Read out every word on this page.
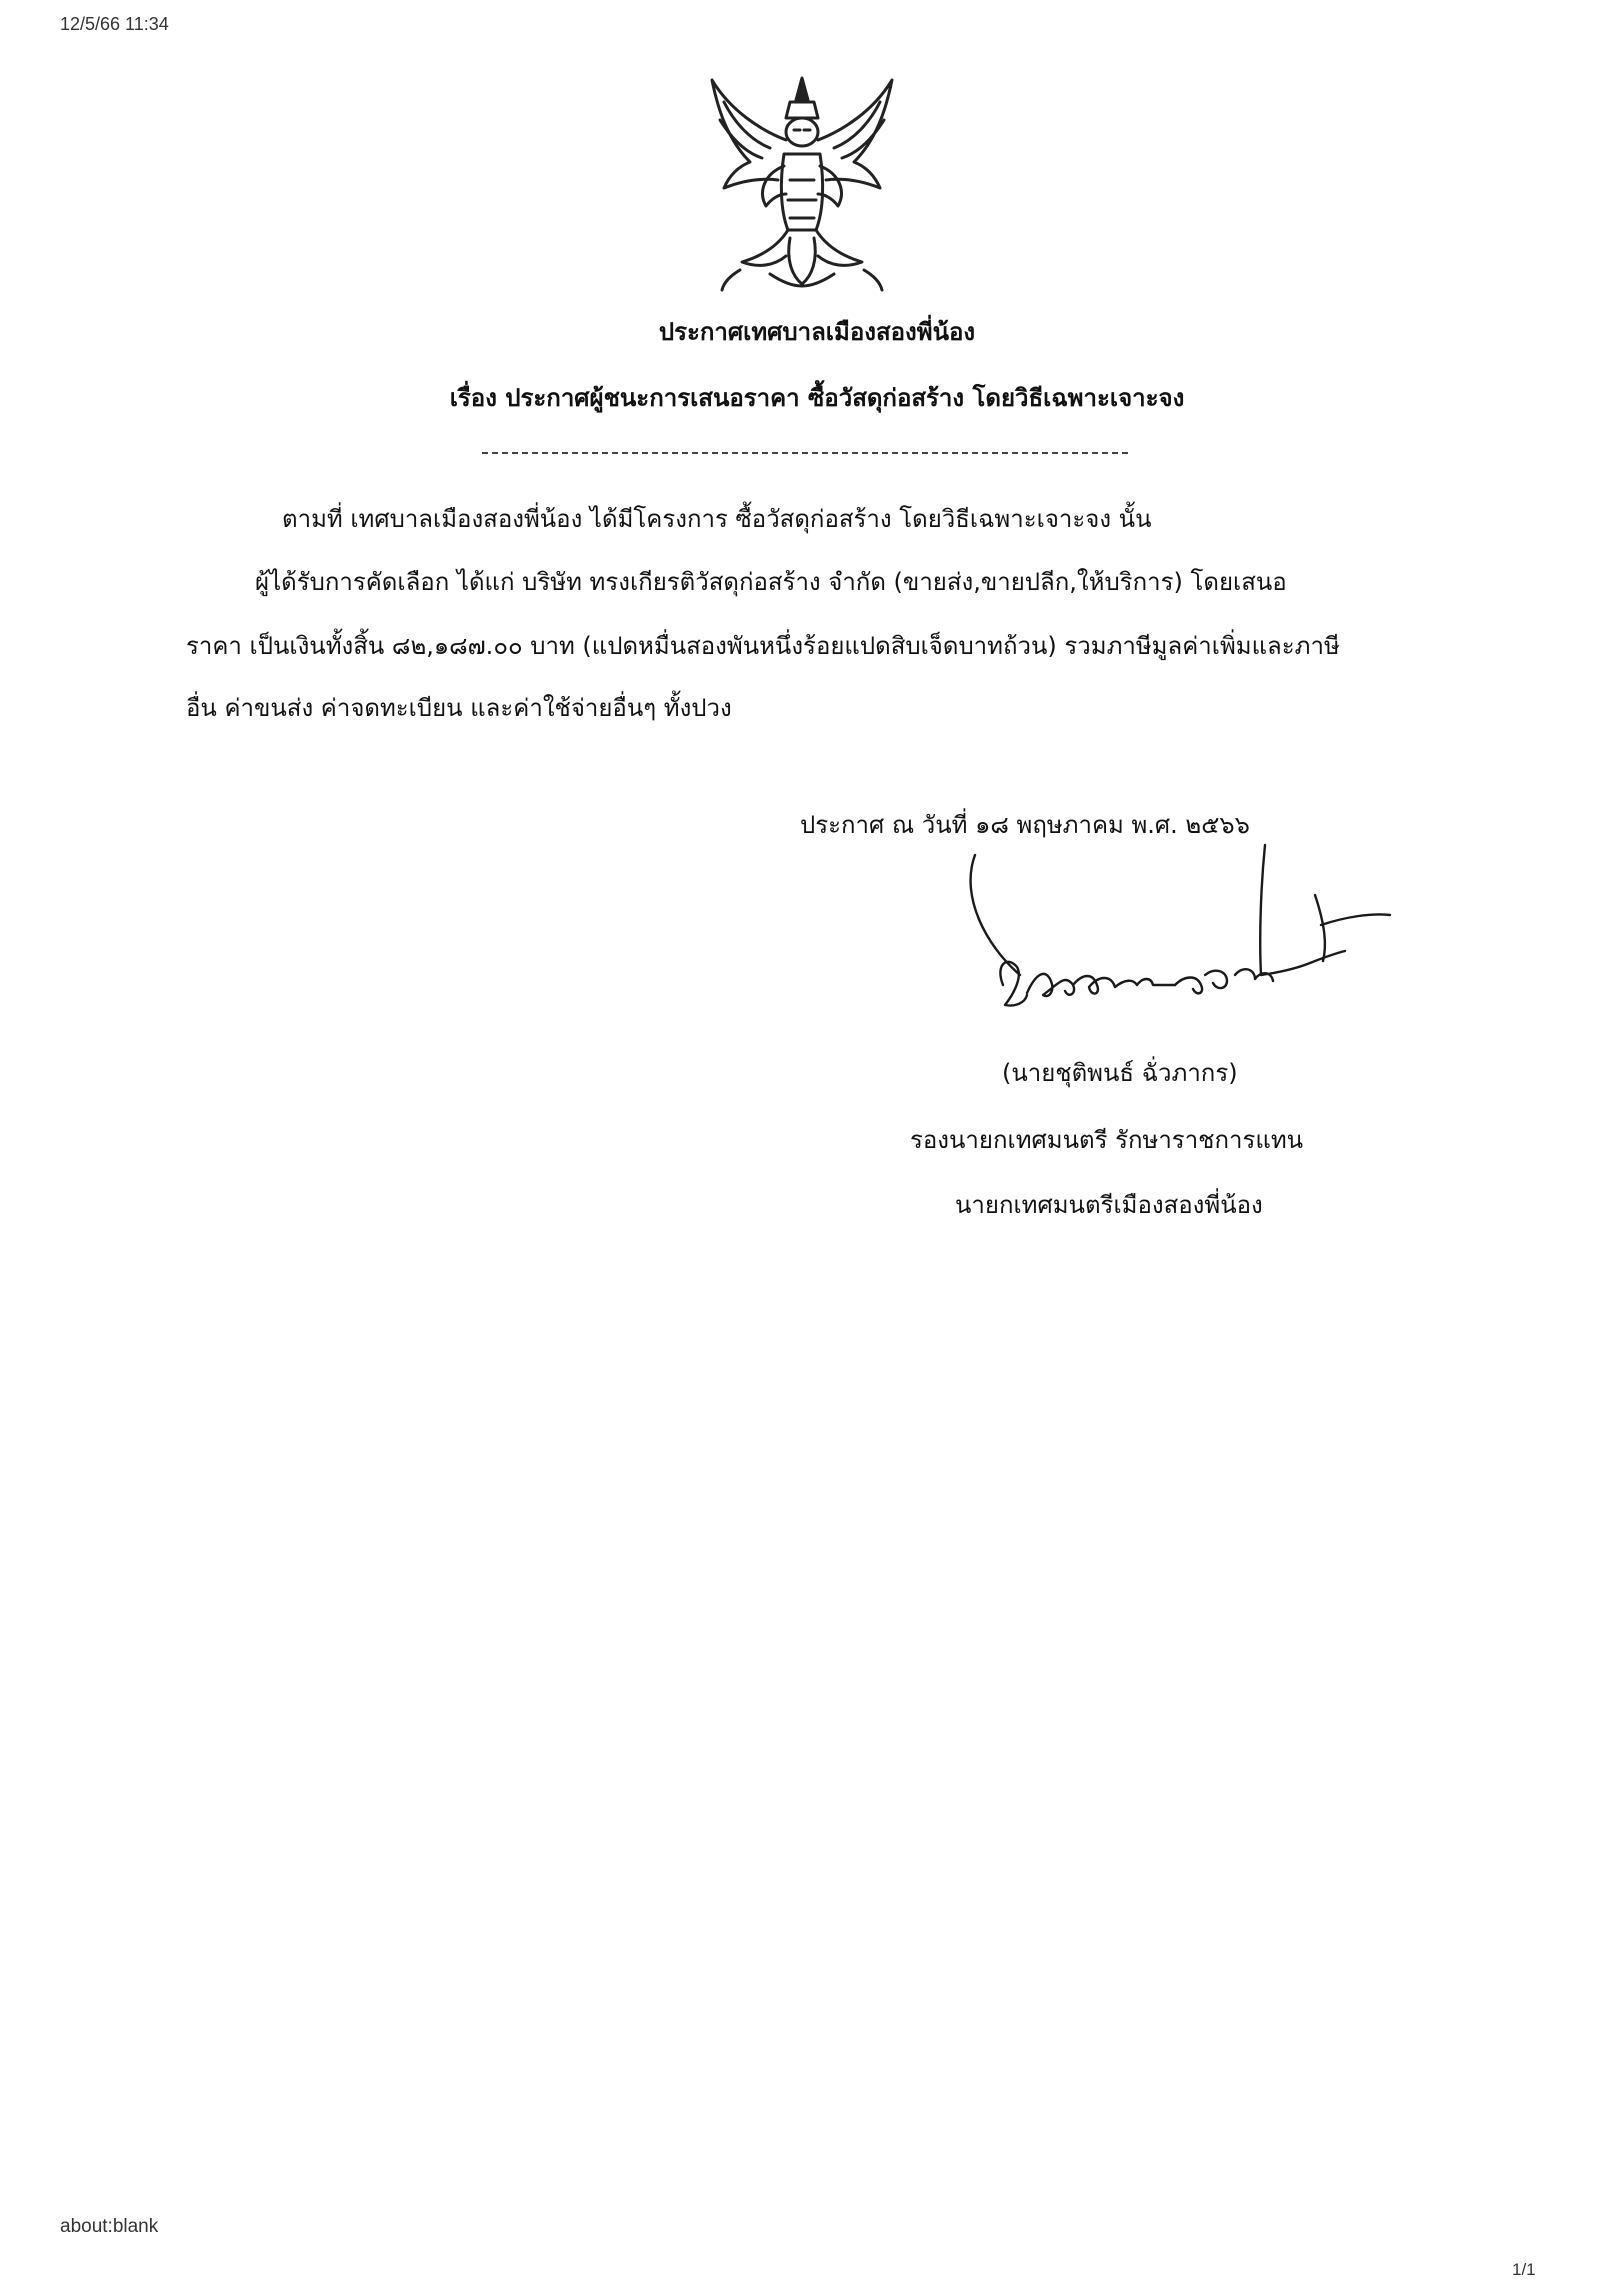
12/5/66 11:34
ประกาศเทศบาลเมืองสองพี่น้อง
เรื่อง ประกาศผู้ชนะการเสนอราคา ซื้อวัสดุก่อสร้าง โดยวิธีเฉพาะเจาะจง
ตามที่ เทศบาลเมืองสองพี่น้อง ได้มีโครงการ ซื้อวัสดุก่อสร้าง โดยวิธีเฉพาะเจาะจง นั้น
ผู้ได้รับการคัดเลือก ได้แก่ บริษัท ทรงเกียรติวัสดุก่อสร้าง จำกัด (ขายส่ง,ขายปลีก,ให้บริการ) โดยเสนอ
ราคา เป็นเงินทั้งสิ้น ๘๒,๑๘๗.๐๐ บาท (แปดหมื่นสองพันหนึ่งร้อยแปดสิบเจ็ดบาทถ้วน) รวมภาษีมูลค่าเพิ่มและภาษี
อื่น ค่าขนส่ง ค่าจดทะเบียน และค่าใช้จ่ายอื่นๆ ทั้งปวง
ประกาศ ณ วันที่ ๑๘ พฤษภาคม พ.ศ. ๒๕๖๖
(นายชุติพนธ์ ฉั่วภากร)
รองนายกเทศมนตรี รักษาราชการแทน
นายกเทศมนตรีเมืองสองพี่น้อง
about:blank
1/1
